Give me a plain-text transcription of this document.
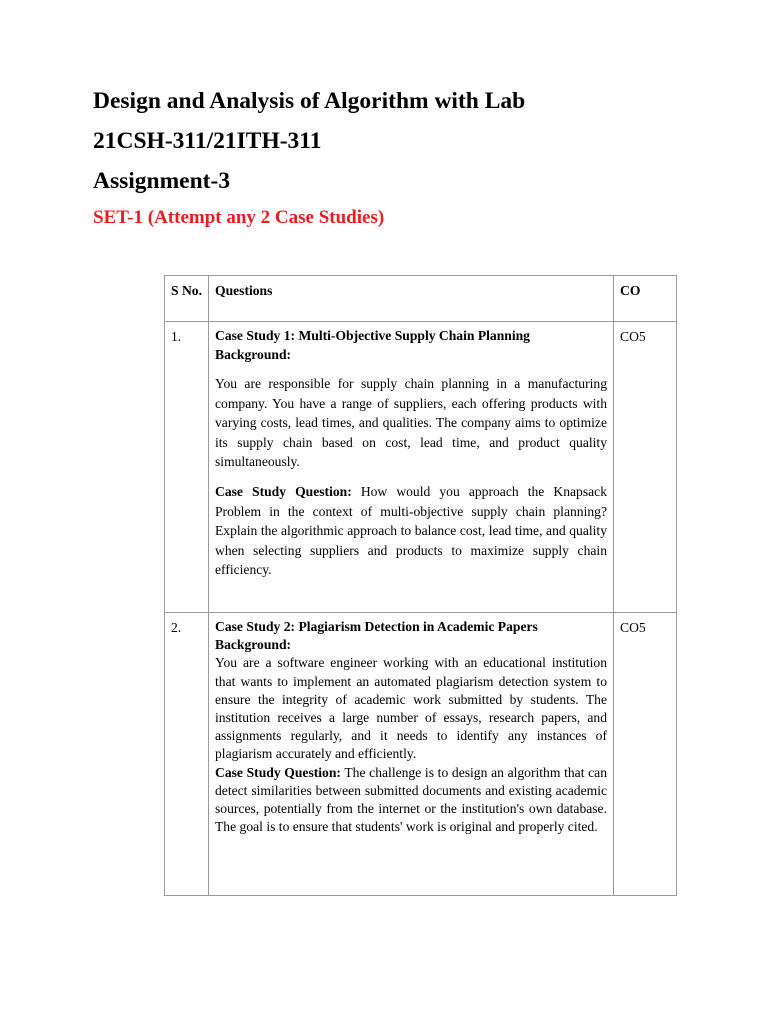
Design and Analysis of Algorithm with Lab
21CSH-311/21ITH-311
Assignment-3
SET-1 (Attempt any 2 Case Studies)
S No.	Questions	CO
1.	Case Study 1: Multi-Objective Supply Chain Planning
Background:

You are responsible for supply chain planning in a manufacturing company. You have a range of suppliers, each offering products with varying costs, lead times, and qualities. The company aims to optimize its supply chain based on cost, lead time, and product quality simultaneously.

Case Study Question: How would you approach the Knapsack Problem in the context of multi-objective supply chain planning? Explain the algorithmic approach to balance cost, lead time, and quality when selecting suppliers and products to maximize supply chain efficiency.	CO5
2.	Case Study 2: Plagiarism Detection in Academic Papers
Background:
You are a software engineer working with an educational institution that wants to implement an automated plagiarism detection system to ensure the integrity of academic work submitted by students. The institution receives a large number of essays, research papers, and assignments regularly, and it needs to identify any instances of plagiarism accurately and efficiently.
Case Study Question: The challenge is to design an algorithm that can detect similarities between submitted documents and existing academic sources, potentially from the internet or the institution's own database. The goal is to ensure that students' work is original and properly cited.	CO5
